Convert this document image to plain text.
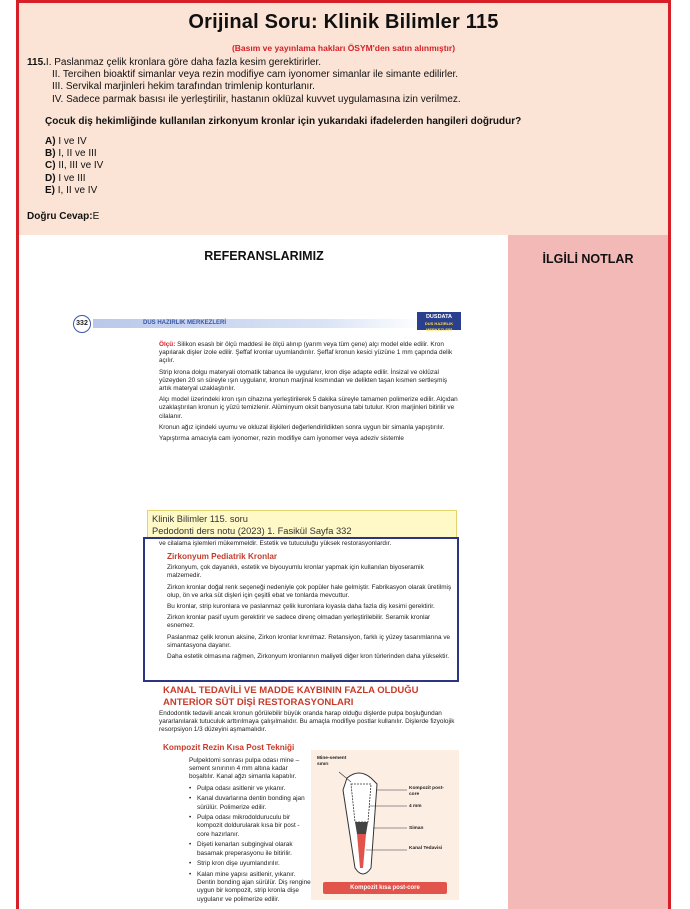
Orijinal Soru: Klinik Bilimler 115
(Basım ve yayınlama hakları ÖSYM'den satın alınmıştır)
115.I. Paslanmaz çelik kronlara göre daha fazla kesim gerektirirler.
II. Tercihen bioaktif simanlar veya rezin modifiye cam iyonomer simanlar ile simante edilirler.
III. Servikal marjinleri hekim tarafından trimlenip konturlanır.
IV. Sadece parmak basısı ile yerleştirilir, hastanın oklüzal kuvvet uygulamasına izin verilmez.
Çocuk diş hekimliğinde kullanılan zirkonyum kronlar için yukarıdaki ifadelerden hangileri doğrudur?
A) I ve IV
B) I, II ve III
C) II, III ve IV
D) I ve III
E) I, II ve IV
Doğru Cevap:E
REFERANSLARIMIZ
DUS HAZIRLIK MERKEZLERİ
332
DUSDATA
DUS HAZIRLIK MERKEZLERİ

Ölçü: Silikon esaslı bir ölçü maddesi ile ölçü alınıp (yarım veya tüm çene) alçı model elde edilir. Kron yapılarak dişler izole edilir. Şeffaf kronlar uyumlandırılır. Şeffaf kronun kesici yüzüne 1 mm çapında delik açılır.

Strip krona dolgu materyali otomatik tabanca ile uygulanır, kron dişe adapte edilir. İnsizal ve oklüzal yüzeyden 20 sn süreyle ışın uygulanır, kronun marjinal kısmından ve delikten taşan kısmen sertleşmiş artık materyal uzaklaştırılır.

Alçı model üzerindeki kron ışın cihazına yerleştirilerek 5 dakika süreyle tamamen polimerize edilir. Alçıdan uzaklaştırılan kronun iç yüzü temizlenir. Alüminyum oksit banyosuna tabi tutulur. Kron marjinleri bitirilir ve cilalanır.

Kronun ağız içindeki uyumu ve okluzal ilişkileri değerlendirildikten sonra uygun bir simanla yapıştırılır.

Yapıştırma amacıyla cam iyonomer, rezin modifiye cam iyonomer veya adeziv sistemle

Klinik Bilimler 115. soru
Pedodonti ders notu (2023) 1. Fasikül Sayfa 332

ve cilalama işlemleri mükemmeldir. Estetik ve tutuculuğu yüksek restorasyonlardır.

Zirkonyum Pediatrik Kronlar

Zirkonyum, çok dayanıklı, estetik ve biyouyumlu kronlar yapmak için kullanılan biyoseramik malzemedir.

Zirkon kronlar doğal renk seçeneği nedeniyle çok popüler hale gelmiştir. Fabrikasyon olarak üretilmiş olup, ön ve arka süt dişleri için çeşitli ebat ve tonlarda mevcuttur.

Bu kronlar, strip kuronlara ve paslanmaz çelik kuronlara kıyasla daha fazla diş kesimi gerektirir.

Zirkon kronlar pasif uyum gerektirir ve sadece direnç olmadan yerleştirilebilir. Seramik kronlar esnemez.

Paslanmaz çelik kronun aksine, Zirkon kronlar kıvrılmaz. Retansiyon, farklı iç yüzey tasarımlarına ve simantasyona dayanır.

Daha estetik olmasına rağmen, Zirkonyum kronlarının maliyeti diğer kron türlerinden daha yüksektir.

KANAL TEDAVİLİ VE MADDE KAYBININ FAZLA OLDUĞU ANTERİOR SÜT DİŞİ RESTORASYONLARI
Endodontik tedavili ancak kronun görülebilir büyük oranda harap olduğu dişlerde pulpa boşluğundan yararlanılarak tutuculuk arttırılmaya çalışılmalıdır. Bu amaçla modifiye postlar kullanılır. Dişlerde fizyolojik resorpsiyon 1/3 düzeyini aşmamalıdır.
Kompozit Rezin Kısa Post Tekniği

Pulpektomi sonrası pulpa odası mine – sement sınırının 4 mm altına kadar boşaltılır. Kanal ağzı simanla kapatılır.

• Pulpa odası asitlenir ve yıkanır.
• Kanal duvarlarına dentin bonding ajan sürülür. Polimerize edilir.
• Pulpa odası mikrodolduruculu bir kompozit doldurularak kısa bir post - core hazırlanır.
• Dişeti kenarları subgingival olarak basamak preperasyonu ile bitirilir.
• Strip kron dişe uyumlandırılır.
• Kalan mine yapısı asitlenir, yıkanır. Dentin bonding ajan sürülür. Diş rengine uygun bir kompozit, strip kronla dişe uygulanır ve polimerize edilir.
Mine-sement sınırı
Kompozit post-core
4 mm
Siman
Kanal Tedavisi
Kompozit kısa post-core
İLGİLİ NOTLAR
